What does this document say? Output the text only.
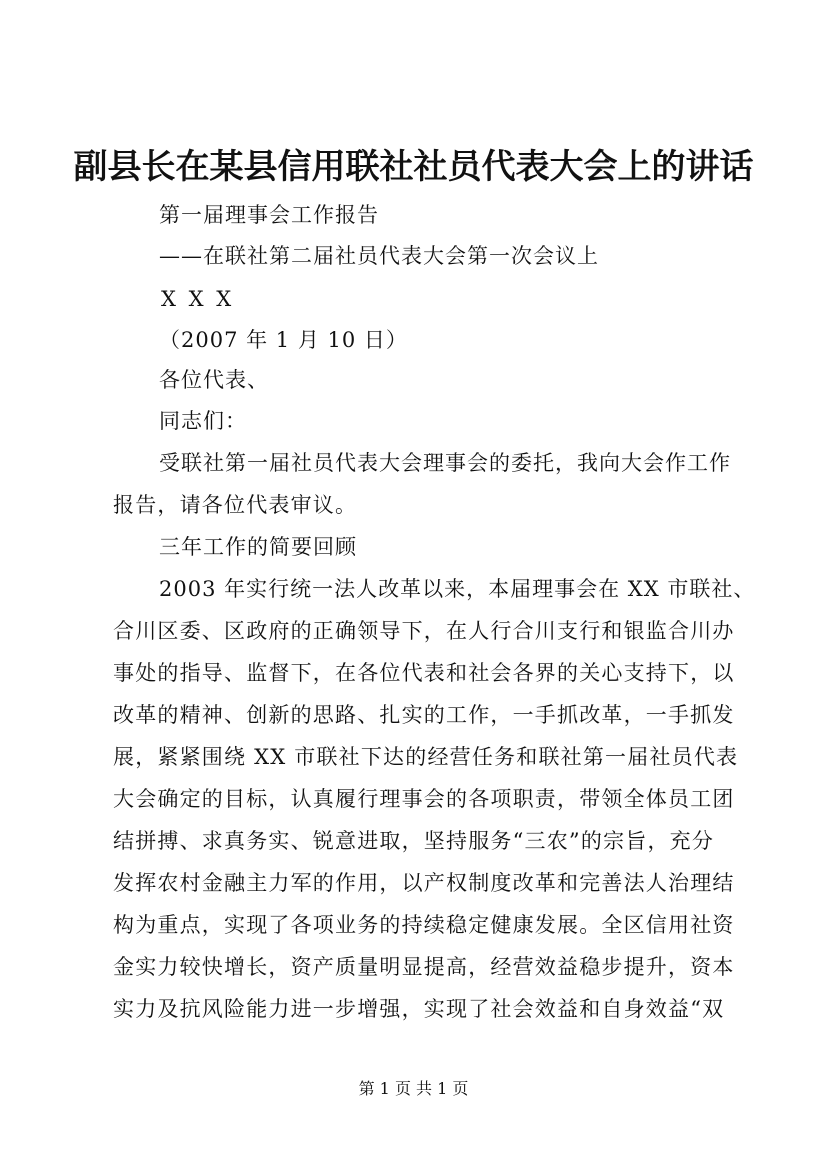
副县长在某县信用联社社员代表大会上的讲话
第一届理事会工作报告
——在联社第二届社员代表大会第一次会议上
X X X
（2007 年 1 月 10 日）
各位代表、
同志们：
受联社第一届社员代表大会理事会的委托，我向大会作工作
报告，请各位代表审议。
三年工作的简要回顾
2003 年实行统一法人改革以来，本届理事会在 XX 市联社、
合川区委、区政府的正确领导下，在人行合川支行和银监合川办
事处的指导、监督下，在各位代表和社会各界的关心支持下，以
改革的精神、创新的思路、扎实的工作，一手抓改革，一手抓发
展，紧紧围绕 XX 市联社下达的经营任务和联社第一届社员代表
大会确定的目标，认真履行理事会的各项职责，带领全体员工团
结拼搏、求真务实、锐意进取，坚持服务“三农”的宗旨，充分
发挥农村金融主力军的作用，以产权制度改革和完善法人治理结
构为重点，实现了各项业务的持续稳定健康发展。全区信用社资
金实力较快增长，资产质量明显提高，经营效益稳步提升，资本
实力及抗风险能力进一步增强，实现了社会效益和自身效益“双
第 1 页 共 1 页
